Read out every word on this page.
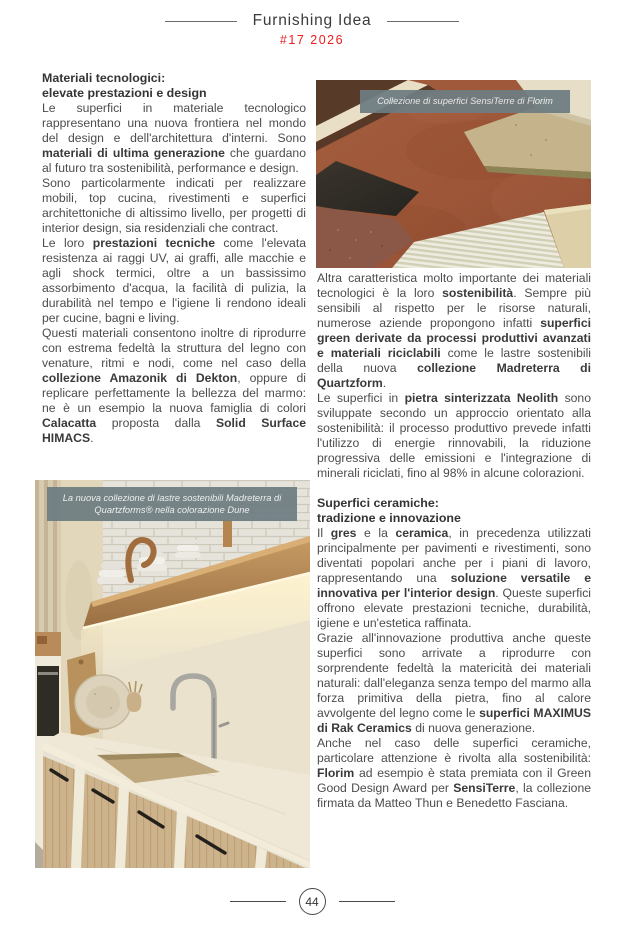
Furnishing Idea
#17 2026
Materiali tecnologici:
elevate prestazioni e design

Le superfici in materiale tecnologico rappresentano una nuova frontiera nel mondo del design e dell'architettura d'interni. Sono materiali di ultima generazione che guardano al futuro tra sostenibilità, performance e design.

Sono particolarmente indicati per realizzare mobili, top cucina, rivestimenti e superfici architettoniche di altissimo livello, per progetti di interior design, sia residenziali che contract.

Le loro prestazioni tecniche come l'elevata resistenza ai raggi UV, ai graffi, alle macchie e agli shock termici, oltre a un bassissimo assorbimento d'acqua, la facilità di pulizia, la durabilità nel tempo e l'igiene li rendono ideali per cucine, bagni e living.

Questi materiali consentono inoltre di riprodurre con estrema fedeltà la struttura del legno con venature, ritmi e nodi, come nel caso della collezione Amazonik di Dekton, oppure di replicare perfettamente la bellezza del marmo: ne è un esempio la nuova famiglia di colori Calacatta proposta dalla Solid Surface HIMACS.

Collezione di superfici SensiTerre di Florim

Altra caratteristica molto importante dei materiali tecnologici è la loro sostenibilità. Sempre più sensibili al rispetto per le risorse naturali, numerose aziende propongono infatti superfici green derivate da processi produttivi avanzati e materiali riciclabili come le lastre sostenibili della nuova collezione Madreterra di Quartzform.

Le superfici in pietra sinterizzata Neolith sono sviluppate secondo un approccio orientato alla sostenibilità: il processo produttivo prevede infatti l'utilizzo di energie rinnovabili, la riduzione progressiva delle emissioni e l'integrazione di minerali riciclati, fino al 98% in alcune colorazioni.

Superfici ceramiche:
tradizione e innovazione

Il gres e la ceramica, in precedenza utilizzati principalmente per pavimenti e rivestimenti, sono diventati popolari anche per i piani di lavoro, rappresentando una soluzione versatile e innovativa per l'interior design. Queste superfici offrono elevate prestazioni tecniche, durabilità, igiene e un'estetica raffinata.

Grazie all'innovazione produttiva anche queste superfici sono arrivate a riprodurre con sorprendente fedeltà la matericità dei materiali naturali: dall'eleganza senza tempo del marmo alla forza primitiva della pietra, fino al calore avvolgente del legno come le superfici MAXIMUS di Rak Ceramics di nuova generazione.

Anche nel caso delle superfici ceramiche, particolare attenzione è rivolta alla sostenibilità: Florim ad esempio è stata premiata con il Green Good Design Award per SensiTerre, la collezione firmata da Matteo Thun e Benedetto Fasciana.

La nuova collezione di lastre sostenibili Madreterra di Quartzforms® nella colorazione Dune
44
